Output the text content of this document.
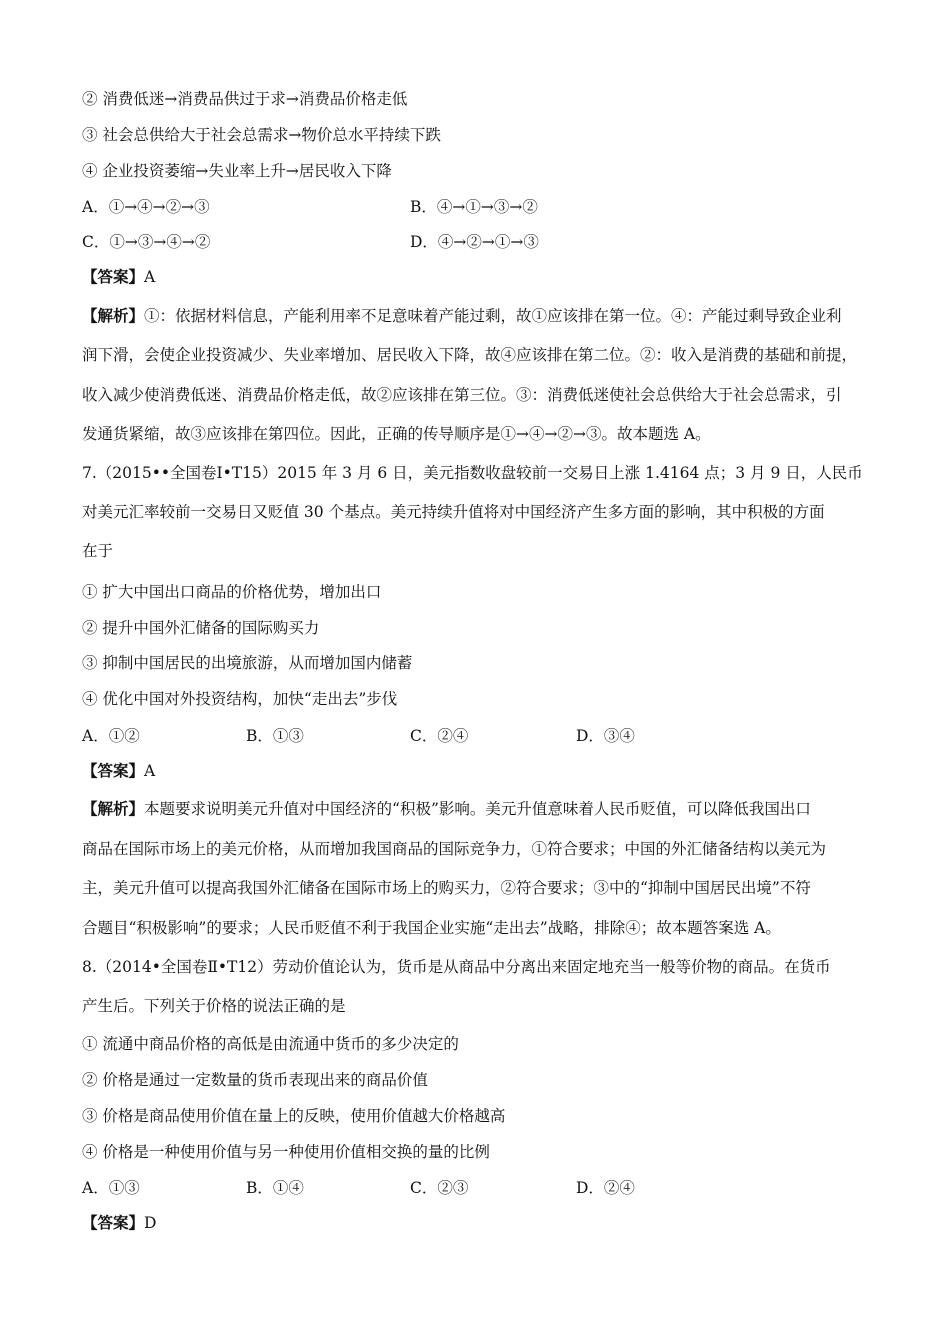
② 消费低迷→消费品供过于求→消费品价格走低
③ 社会总供给大于社会总需求→物价总水平持续下跌
④ 企业投资萎缩→失业率上升→居民收入下降
A．①→④→②→③	B．④→①→③→②
C．①→③→④→②	D．④→②→①→③
【答案】A
【解析】①：依据材料信息，产能利用率不足意味着产能过剩，故①应该排在第一位。④：产能过剩导致企业利
润下滑，会使企业投资减少、失业率增加、居民收入下降，故④应该排在第二位。②：收入是消费的基础和前提，
收入减少使消费低迷、消费品价格走低，故②应该排在第三位。③：消费低迷使社会总供给大于社会总需求，引
发通货紧缩，故③应该排在第四位。因此，正确的传导顺序是①→④→②→③。故本题选 A。
7.（2015••全国卷Ⅰ•T15）2015 年 3 月 6 日，美元指数收盘较前一交易日上涨 1.4164 点；3 月 9 日，人民币
对美元汇率较前一交易日又贬值 30 个基点。美元持续升值将对中国经济产生多方面的影响，其中积极的方面
在于
① 扩大中国出口商品的价格优势，增加出口
② 提升中国外汇储备的国际购买力
③ 抑制中国居民的出境旅游，从而增加国内储蓄
④ 优化中国对外投资结构，加快“走出去”步伐
A．①②	B．①③	C．②④	D．③④
【答案】A
【解析】本题要求说明美元升值对中国经济的“积极”影响。美元升值意味着人民币贬值，可以降低我国出口
商品在国际市场上的美元价格，从而增加我国商品的国际竞争力，①符合要求；中国的外汇储备结构以美元为
主，美元升值可以提高我国外汇储备在国际市场上的购买力，②符合要求；③中的“抑制中国居民出境”不符
合题目“积极影响”的要求；人民币贬值不利于我国企业实施“走出去”战略，排除④；故本题答案选 A。
8.（2014•全国卷Ⅱ•T12）劳动价值论认为，货币是从商品中分离出来固定地充当一般等价物的商品。在货币
产生后。下列关于价格的说法正确的是
① 流通中商品价格的高低是由流通中货币的多少决定的
② 价格是通过一定数量的货币表现出来的商品价值
③ 价格是商品使用价值在量上的反映，使用价值越大价格越高
④ 价格是一种使用价值与另一种使用价值相交换的量的比例
A．①③	B．①④	C．②③	D．②④
【答案】D
